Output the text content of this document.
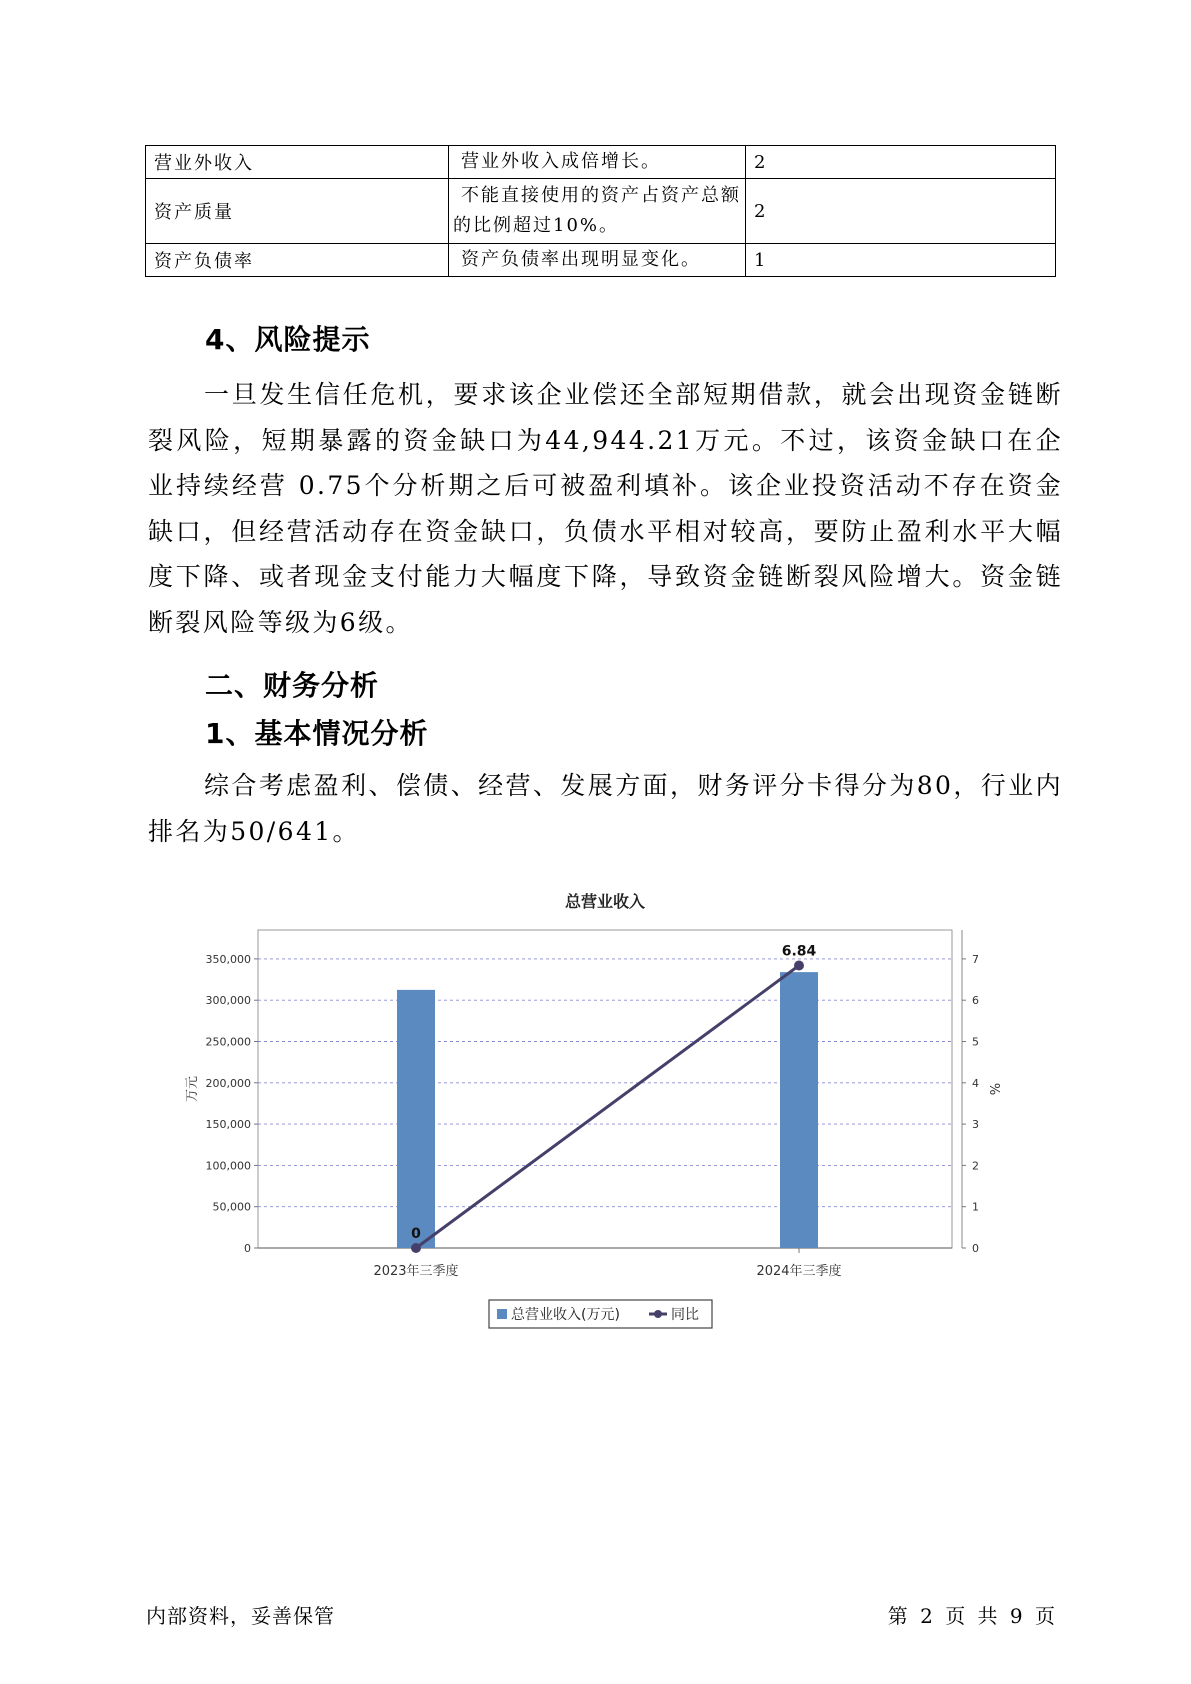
营业外收入	营业外收入成倍增长。	2
资产质量	不能直接使用的资产占资产总额
的比例超过10%。	2
资产负债率	资产负债率出现明显变化。	1
4、风险提示
一旦发生信任危机，要求该企业偿还全部短期借款，就会出现资金链断裂风险，短期暴露的资金缺口为44,944.21万元。不过，该资金缺口在企业持续经营 0.75个分析期之后可被盈利填补。该企业投资活动不存在资金缺口，但经营活动存在资金缺口，负债水平相对较高，要防止盈利水平大幅度下降、或者现金支付能力大幅度下降，导致资金链断裂风险增大。资金链断裂风险等级为6级。
二、财务分析
1、基本情况分析
综合考虑盈利、偿债、经营、发展方面，财务评分卡得分为80，行业内排名为50/641。
总营业收入
0
50,000
100,000
150,000
200,000
250,000
300,000
350,000
0
1
2
3
4
5
6
7
万元	%
2023年三季度	2024年三季度
0
6.84
总营业收入(万元)	同比
内部资料，妥善保管	第 2 页 共 9 页
